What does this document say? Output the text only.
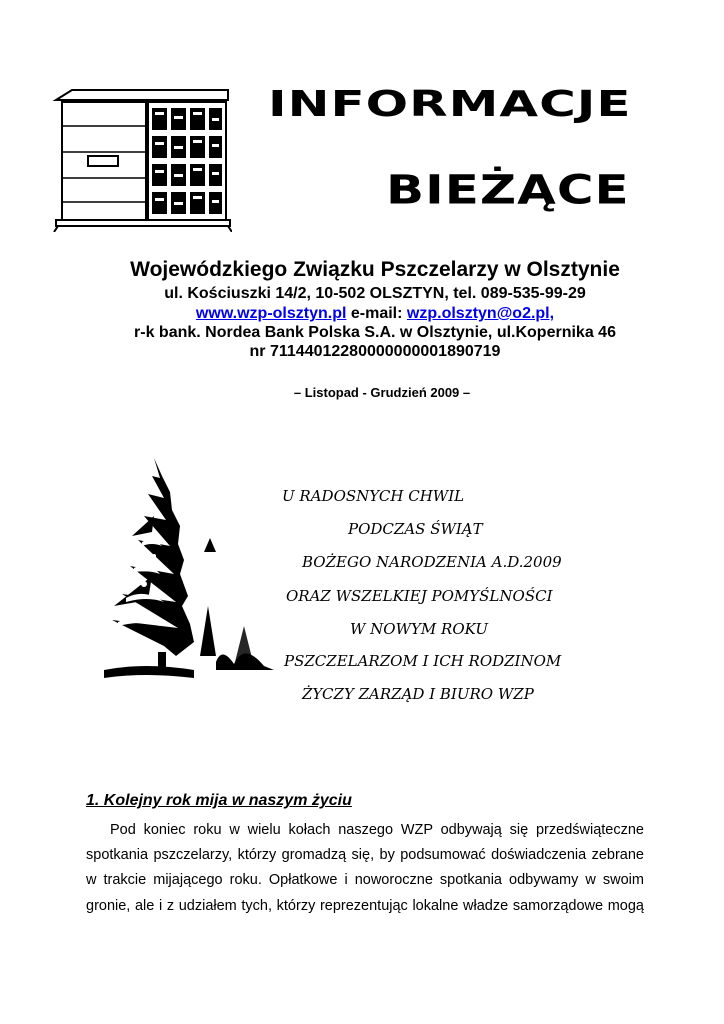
INFORMACJE
BIEŻĄCE
Wojewódzkiego Związku Pszczelarzy w Olsztynie
ul. Kościuszki 14/2, 10-502 OLSZTYN, tel. 089-535-99-29
www.wzp-olsztyn.pl e-mail: wzp.olsztyn@o2.pl,
r-k bank. Nordea Bank Polska S.A. w Olsztynie, ul.Kopernika 46
nr 71144012280000000001890719
– Listopad - Grudzień 2009 –
U RADOSNYCH CHWIL
PODCZAS ŚWIĄT
BOŻEGO NARODZENIA A.D.2009
ORAZ WSZELKIEJ POMYŚLNOŚCI
W NOWYM ROKU
PSZCZELARZOM I ICH RODZINOM
ŻYCZY ZARZĄD I BIURO WZP
1. Kolejny rok mija w naszym życiu
Pod koniec roku w wielu kołach naszego WZP odbywają się przedświąteczne
spotkania pszczelarzy, którzy gromadzą się, by podsumować doświadczenia zebrane
w trakcie mijającego roku. Opłatkowe i noworoczne spotkania odbywamy w swoim
gronie, ale i z udziałem tych, którzy reprezentując lokalne władze samorządowe mogą
